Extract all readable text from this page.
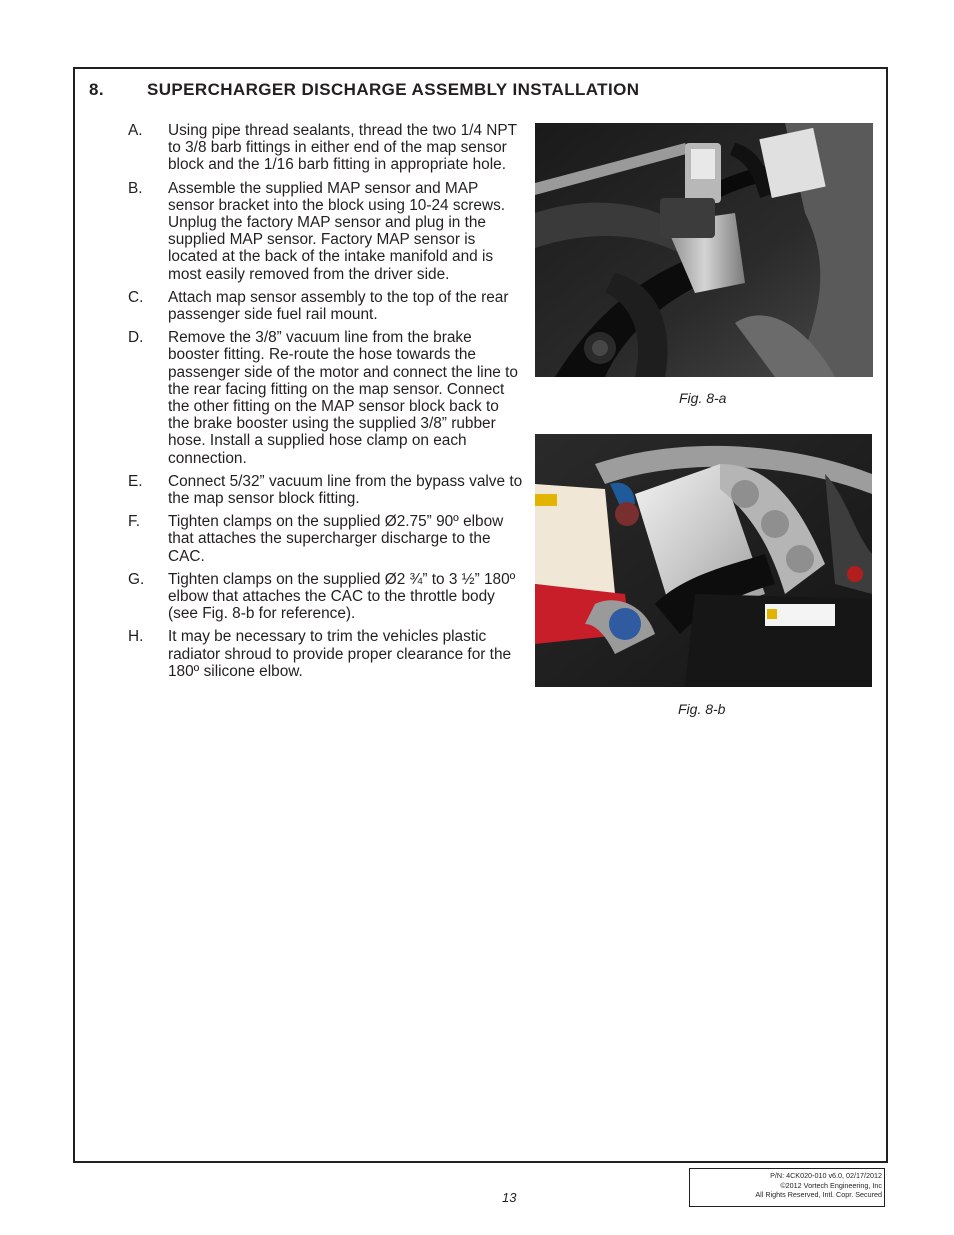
8.	SUPERCHARGER DISCHARGE ASSEMBLY INSTALLATION
A. Using pipe thread sealants, thread the two 1/4 NPT to 3/8 barb fittings in either end of the map sensor block and the 1/16 barb fitting in appropriate hole.
B. Assemble the supplied MAP sensor and MAP sensor bracket into the block using 10-24 screws. Unplug the factory MAP sensor and plug in the supplied MAP sensor. Factory MAP sensor is located at the back of the intake manifold and is most easily removed from the driver side.
C. Attach map sensor assembly to the top of the rear passenger side fuel rail mount.
D. Remove the 3/8” vacuum line from the brake booster fitting. Re-route the hose towards the passenger side of the motor and connect the line to the rear facing fitting on the map sensor. Connect the other fitting on the MAP sensor block back to the brake booster using the supplied 3/8” rubber hose. Install a supplied hose clamp on each connection.
E. Connect 5/32” vacuum line from the bypass valve to the map sensor block fitting.
F. Tighten clamps on the supplied Ø2.75” 90º elbow that attaches the supercharger discharge to the CAC.
G. Tighten clamps on the supplied Ø2 ¾” to 3 ½” 180º elbow that attaches the CAC to the throttle body (see Fig. 8-b for reference).
H. It may be necessary to trim the vehicles plastic radiator shroud to provide proper clearance for the 180º silicone elbow.
Fig. 8-a
Fig. 8-b
13
P/N: 4CK020-010 v6.0, 02/17/2012
©2012 Vortech Engineering, Inc
All Rights Reserved, Intl. Copr. Secured
